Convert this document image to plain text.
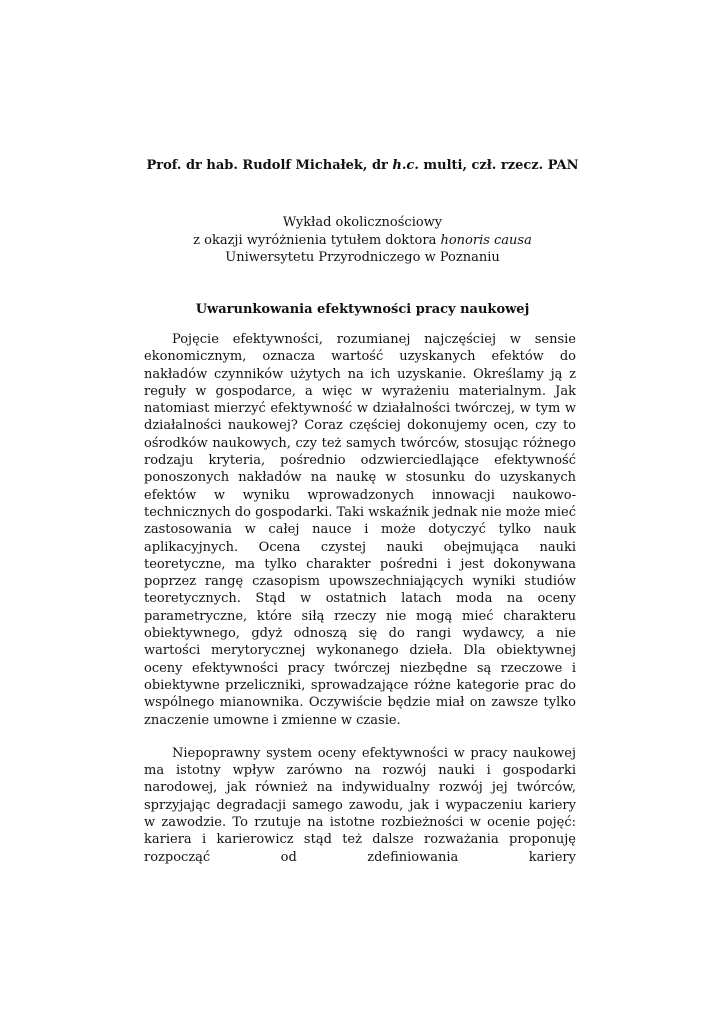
Prof. dr hab. Rudolf Michałek, dr h.c. multi, czł. rzecz. PAN
Wykład okolicznościowy
z okazji wyróżnienia tytułem doktora honoris causa
Uniwersytetu Przyrodniczego w Poznaniu
Uwarunkowania efektywności pracy naukowej

Pojęcie efektywności, rozumianej najczęściej w sensie ekonomicznym, oznacza wartość uzyskanych efektów do nakładów czynników użytych na ich uzyskanie. Określamy ją z reguły w gospodarce, a więc w wyrażeniu materialnym. Jak natomiast mierzyć efektywność w działalności twórczej, w tym w działalności naukowej? Coraz częściej dokonujemy ocen, czy to ośrodków naukowych, czy też samych twórców, stosując różnego rodzaju kryteria, pośrednio odzwierciedlające efektywność ponoszonych nakładów na naukę w stosunku do uzyskanych efektów w wyniku wprowadzonych innowacji naukowo-technicznych do gospodarki. Taki wskaźnik jednak nie może mieć zastosowania w całej nauce i może dotyczyć tylko nauk aplikacyjnych. Ocena czystej nauki obejmująca nauki teoretyczne, ma tylko charakter pośredni i jest dokonywana poprzez rangę czasopism upowszechniających wyniki studiów teoretycznych. Stąd w ostatnich latach moda na oceny parametryczne, które siłą rzeczy nie mogą mieć charakteru obiektywnego, gdyż odnoszą się do rangi wydawcy, a nie wartości merytorycznej wykonanego dzieła. Dla obiektywnej oceny efektywności pracy twórczej niezbędne są rzeczowe i obiektywne przeliczniki, sprowadzające różne kategorie prac do wspólnego mianownika. Oczywiście będzie miał on zawsze tylko znaczenie umowne i zmienne w czasie.

Niepoprawny system oceny efektywności w pracy naukowej ma istotny wpływ zarówno na rozwój nauki i gospodarki narodowej, jak również na indywidualny rozwój jej twórców, sprzyjając degradacji samego zawodu, jak i wypaczeniu kariery w zawodzie. To rzutuje na istotne rozbieżności w ocenie pojęć: kariera i karierowicz stąd też dalsze rozważania proponuję rozpocząć od zdefiniowania kariery
